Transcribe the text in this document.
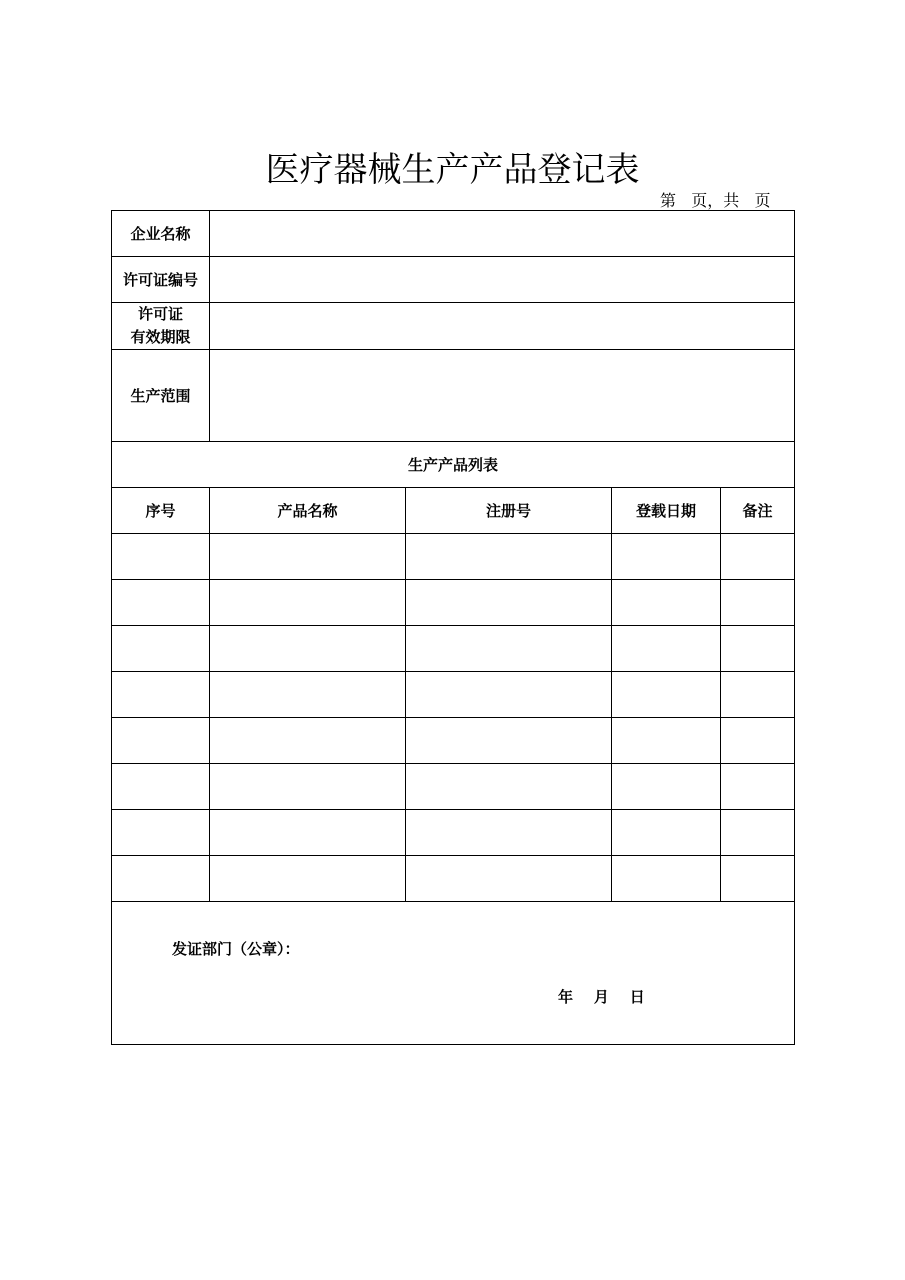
医疗器械生产产品登记表
第   页，共   页
企业名称				
许可证编号				

许可证
有效期限				

生产范围				
生产产品列表				
序号	产品名称	注册号	登载日期	备注

发证部门（公章）：
年    月    日				
